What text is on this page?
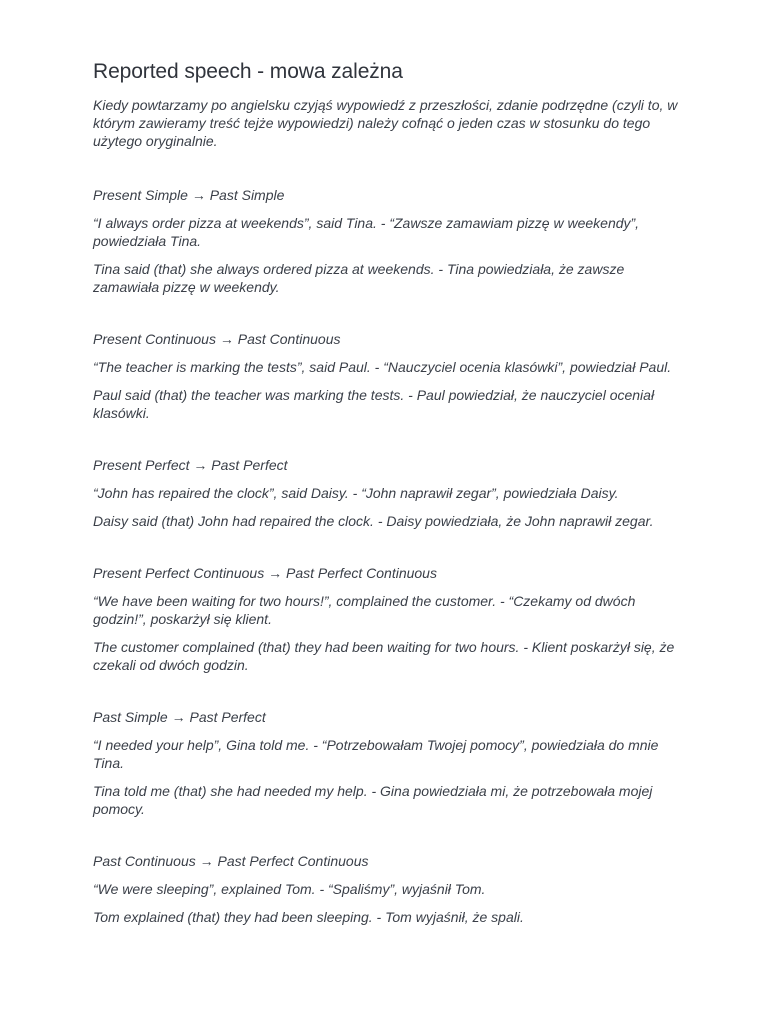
Reported speech - mowa zależna

Kiedy powtarzamy po angielsku czyjąś wypowiedź z przeszłości, zdanie podrzędne (czyli to, w którym zawieramy treść tejże wypowiedzi) należy cofnąć o jeden czas w stosunku do tego użytego oryginalnie.

Present Simple → Past Simple

“I always order pizza at weekends”, said Tina. - “Zawsze zamawiam pizzę w weekendy”, powiedziała Tina.

Tina said (that) she always ordered pizza at weekends. - Tina powiedziała, że zawsze zamawiała pizzę w weekendy.

Present Continuous → Past Continuous

“The teacher is marking the tests”, said Paul. - “Nauczyciel ocenia klasówki”, powiedział Paul.

Paul said (that) the teacher was marking the tests. - Paul powiedział, że nauczyciel oceniał klasówki.

Present Perfect → Past Perfect

“John has repaired the clock”, said Daisy. - “John naprawił zegar”, powiedziała Daisy.

Daisy said (that) John had repaired the clock. - Daisy powiedziała, że John naprawił zegar.

Present Perfect Continuous → Past Perfect Continuous

“We have been waiting for two hours!”, complained the customer. - “Czekamy od dwóch godzin!”, poskarżył się klient.

The customer complained (that) they had been waiting for two hours. - Klient poskarżył się, że czekali od dwóch godzin.

Past Simple → Past Perfect

“I needed your help”, Gina told me. - “Potrzebowałam Twojej pomocy”, powiedziała do mnie Tina.

Tina told me (that) she had needed my help. - Gina powiedziała mi, że potrzebowała mojej pomocy.

Past Continuous → Past Perfect Continuous

“We were sleeping”, explained Tom. - “Spaliśmy”, wyjaśnił Tom.

Tom explained (that) they had been sleeping. - Tom wyjaśnił, że spali.
